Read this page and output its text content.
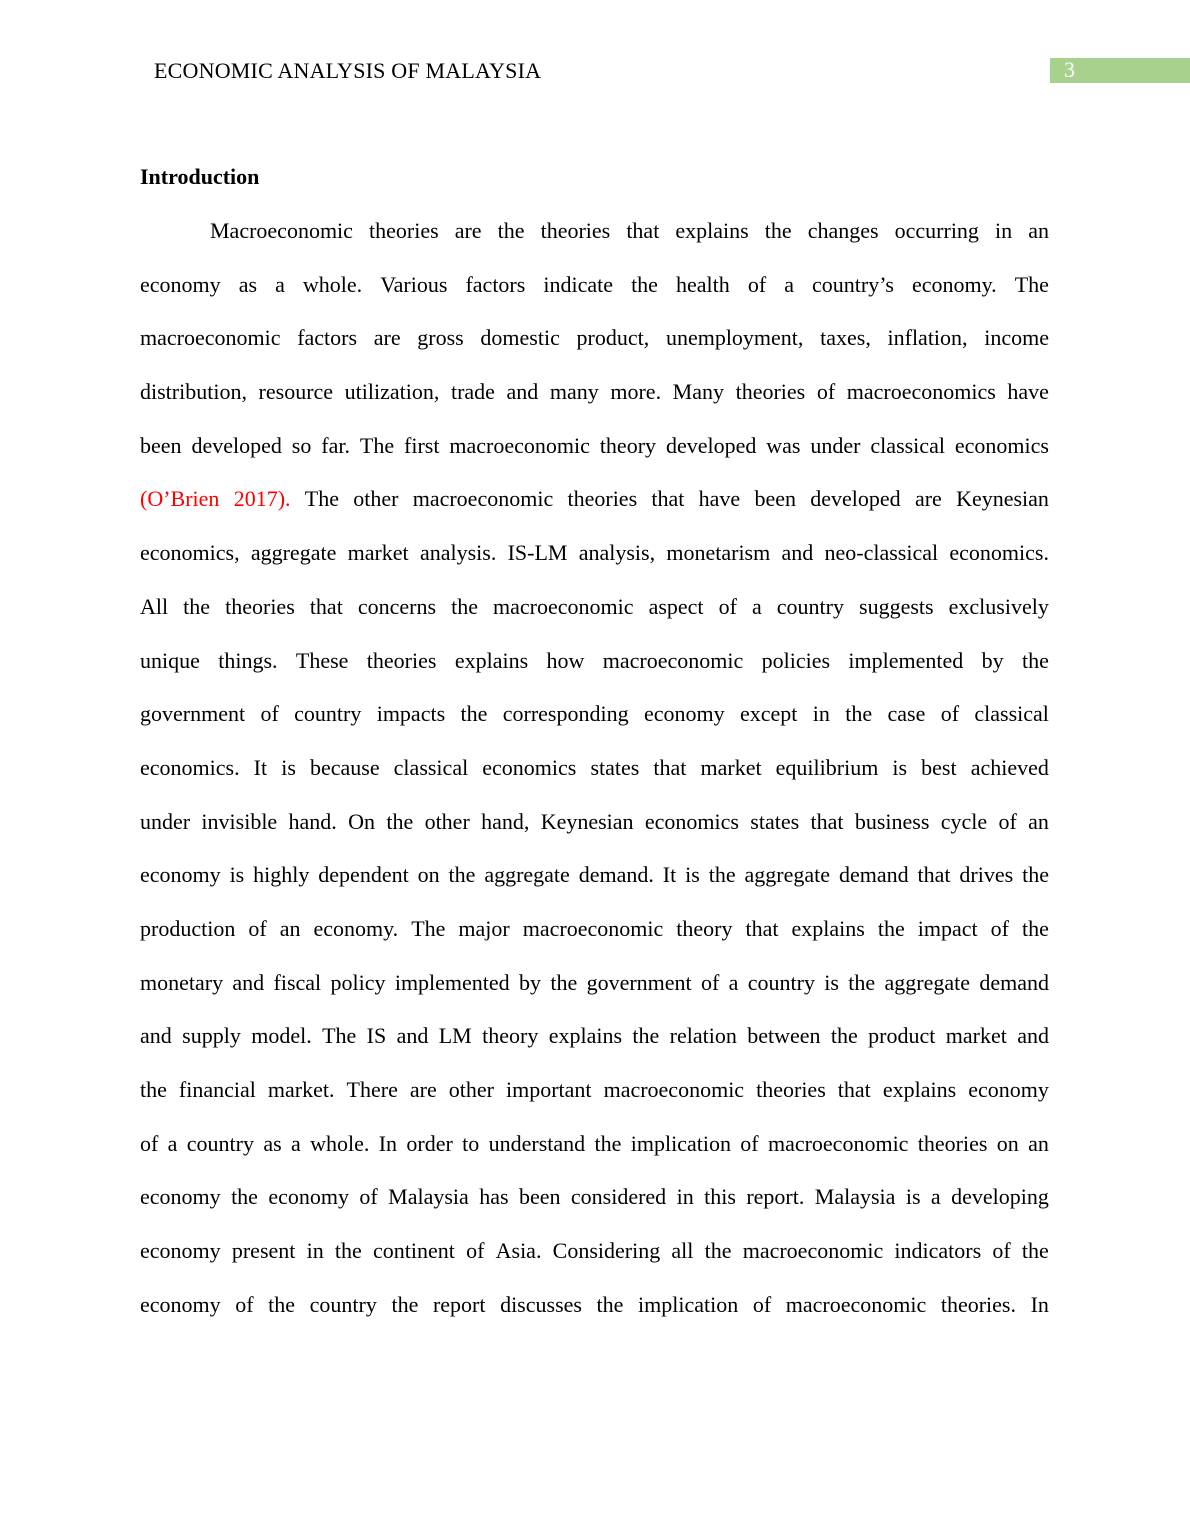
ECONOMIC ANALYSIS OF MALAYSIA	3
Introduction
Macroeconomic theories are the theories that explains the changes occurring in an
economy as a whole. Various factors indicate the health of a country’s economy. The
macroeconomic factors are gross domestic product, unemployment, taxes, inflation, income
distribution, resource utilization, trade and many more. Many theories of macroeconomics have
been developed so far. The first macroeconomic theory developed was under classical economics
(O’Brien 2017). The other macroeconomic theories that have been developed are Keynesian
economics, aggregate market analysis. IS-LM analysis, monetarism and neo-classical economics.
All the theories that concerns the macroeconomic aspect of a country suggests exclusively
unique things. These theories explains how macroeconomic policies implemented by the
government of country impacts the corresponding economy except in the case of classical
economics. It is because classical economics states that market equilibrium is best achieved
under invisible hand. On the other hand, Keynesian economics states that business cycle of an
economy is highly dependent on the aggregate demand. It is the aggregate demand that drives the
production of an economy. The major macroeconomic theory that explains the impact of the
monetary and fiscal policy implemented by the government of a country is the aggregate demand
and supply model. The IS and LM theory explains the relation between the product market and
the financial market. There are other important macroeconomic theories that explains economy
of a country as a whole. In order to understand the implication of macroeconomic theories on an
economy the economy of Malaysia has been considered in this report. Malaysia is a developing
economy present in the continent of Asia. Considering all the macroeconomic indicators of the
economy of the country the report discusses the implication of macroeconomic theories. In
